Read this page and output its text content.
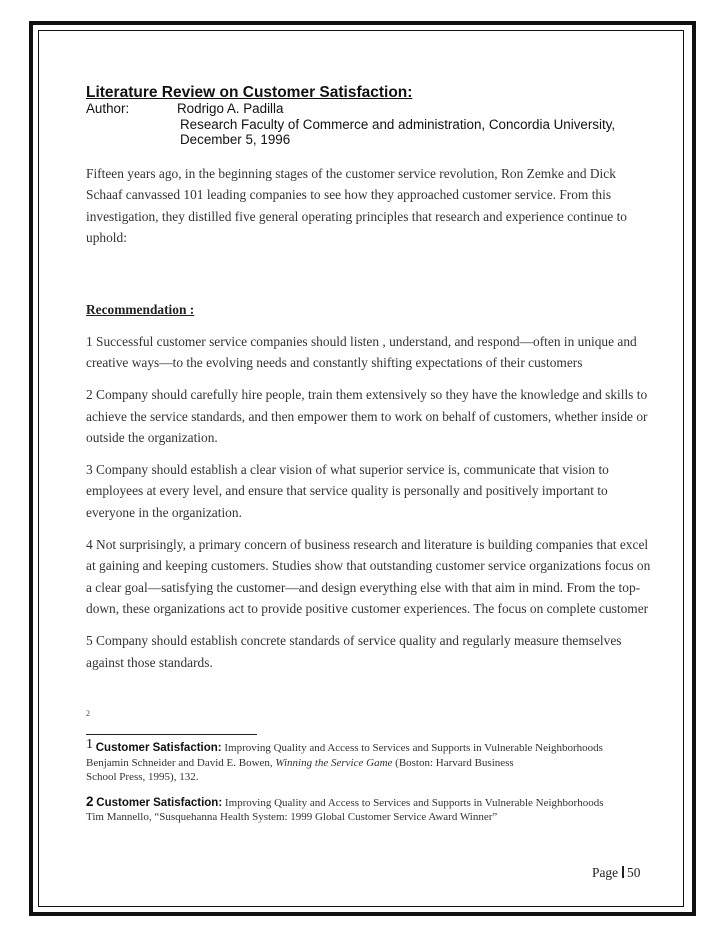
Literature Review on Customer Satisfaction:
Author:	Rodrigo A. Padilla
Research Faculty of Commerce and administration, Concordia University,
December 5, 1996
Fifteen years ago, in the beginning stages of the customer service revolution, Ron Zemke and Dick Schaaf canvassed 101 leading companies to see how they approached customer service. From this investigation, they distilled five general operating principles that research and experience continue to uphold:
Recommendation :
1 Successful customer service companies should listen , understand, and respond—often in unique and creative ways—to the evolving needs and constantly shifting expectations of their customers
2 Company should carefully hire people, train them extensively so they have the knowledge and skills to achieve the service standards, and then empower them to work on behalf of customers, whether inside or outside the organization.
3 Company should establish a clear vision of what superior service is, communicate that vision to employees at every level, and ensure that service quality is personally and positively important to everyone in the organization.
4 Not surprisingly, a primary concern of business research and literature is building companies that excel at gaining and keeping customers. Studies show that outstanding customer service organizations focus on a clear goal—satisfying the customer—and design everything else with that aim in mind. From the top-down, these organizations act to provide positive customer experiences. The focus on complete customer
5 Company should establish concrete standards of service quality and regularly measure themselves against those standards.
2
1 Customer Satisfaction: Improving Quality and Access to Services and Supports in Vulnerable Neighborhoods
Benjamin Schneider and David E. Bowen, Winning the Service Game (Boston: Harvard Business
School Press, 1995), 132.
2 Customer Satisfaction: Improving Quality and Access to Services and Supports in Vulnerable Neighborhoods
Tim Mannello, “Susquehanna Health System: 1999 Global Customer Service Award Winner”
Page 50
